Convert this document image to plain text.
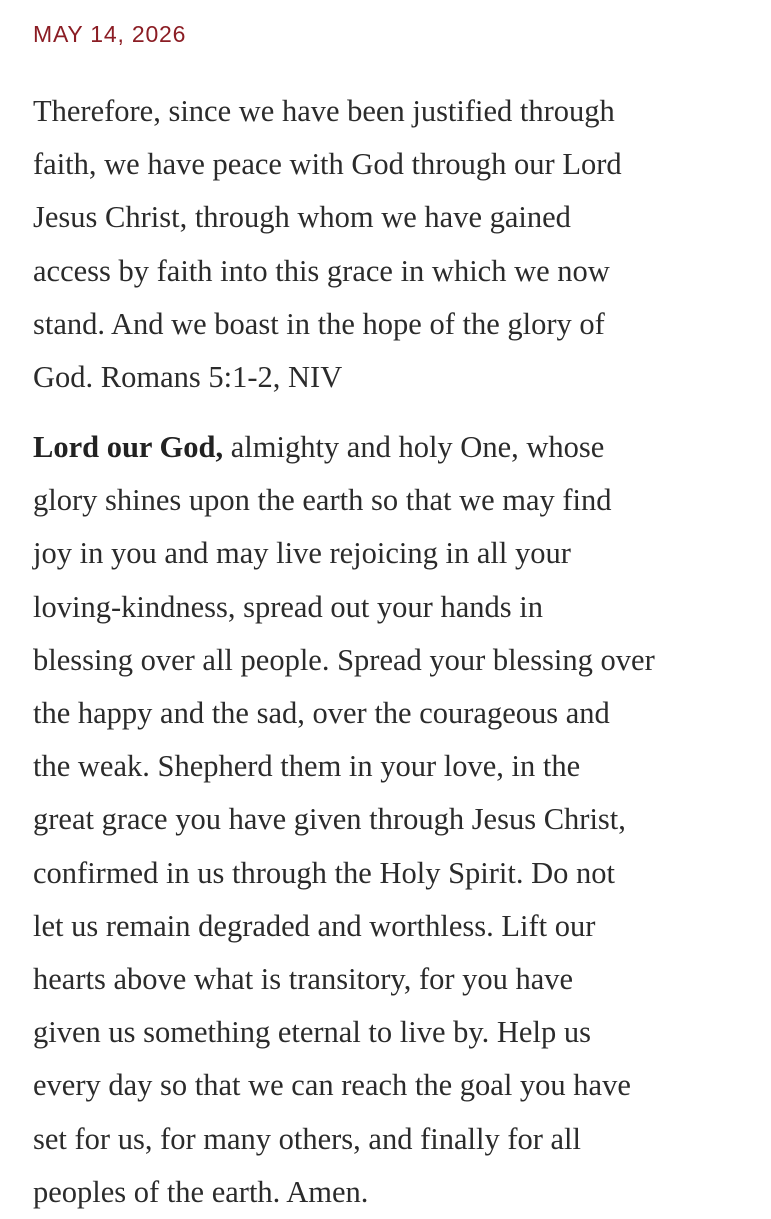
MAY 14, 2026

Therefore, since we have been justified through
faith, we have peace with God through our Lord
Jesus Christ, through whom we have gained
access by faith into this grace in which we now
stand. And we boast in the hope of the glory of
God. Romans 5:1-2, NIV

Lord our God, almighty and holy One, whose
glory shines upon the earth so that we may find
joy in you and may live rejoicing in all your
loving-kindness, spread out your hands in
blessing over all people. Spread your blessing over
the happy and the sad, over the courageous and
the weak. Shepherd them in your love, in the
great grace you have given through Jesus Christ,
confirmed in us through the Holy Spirit. Do not
let us remain degraded and worthless. Lift our
hearts above what is transitory, for you have
given us something eternal to live by. Help us
every day so that we can reach the goal you have
set for us, for many others, and finally for all
peoples of the earth. Amen.
